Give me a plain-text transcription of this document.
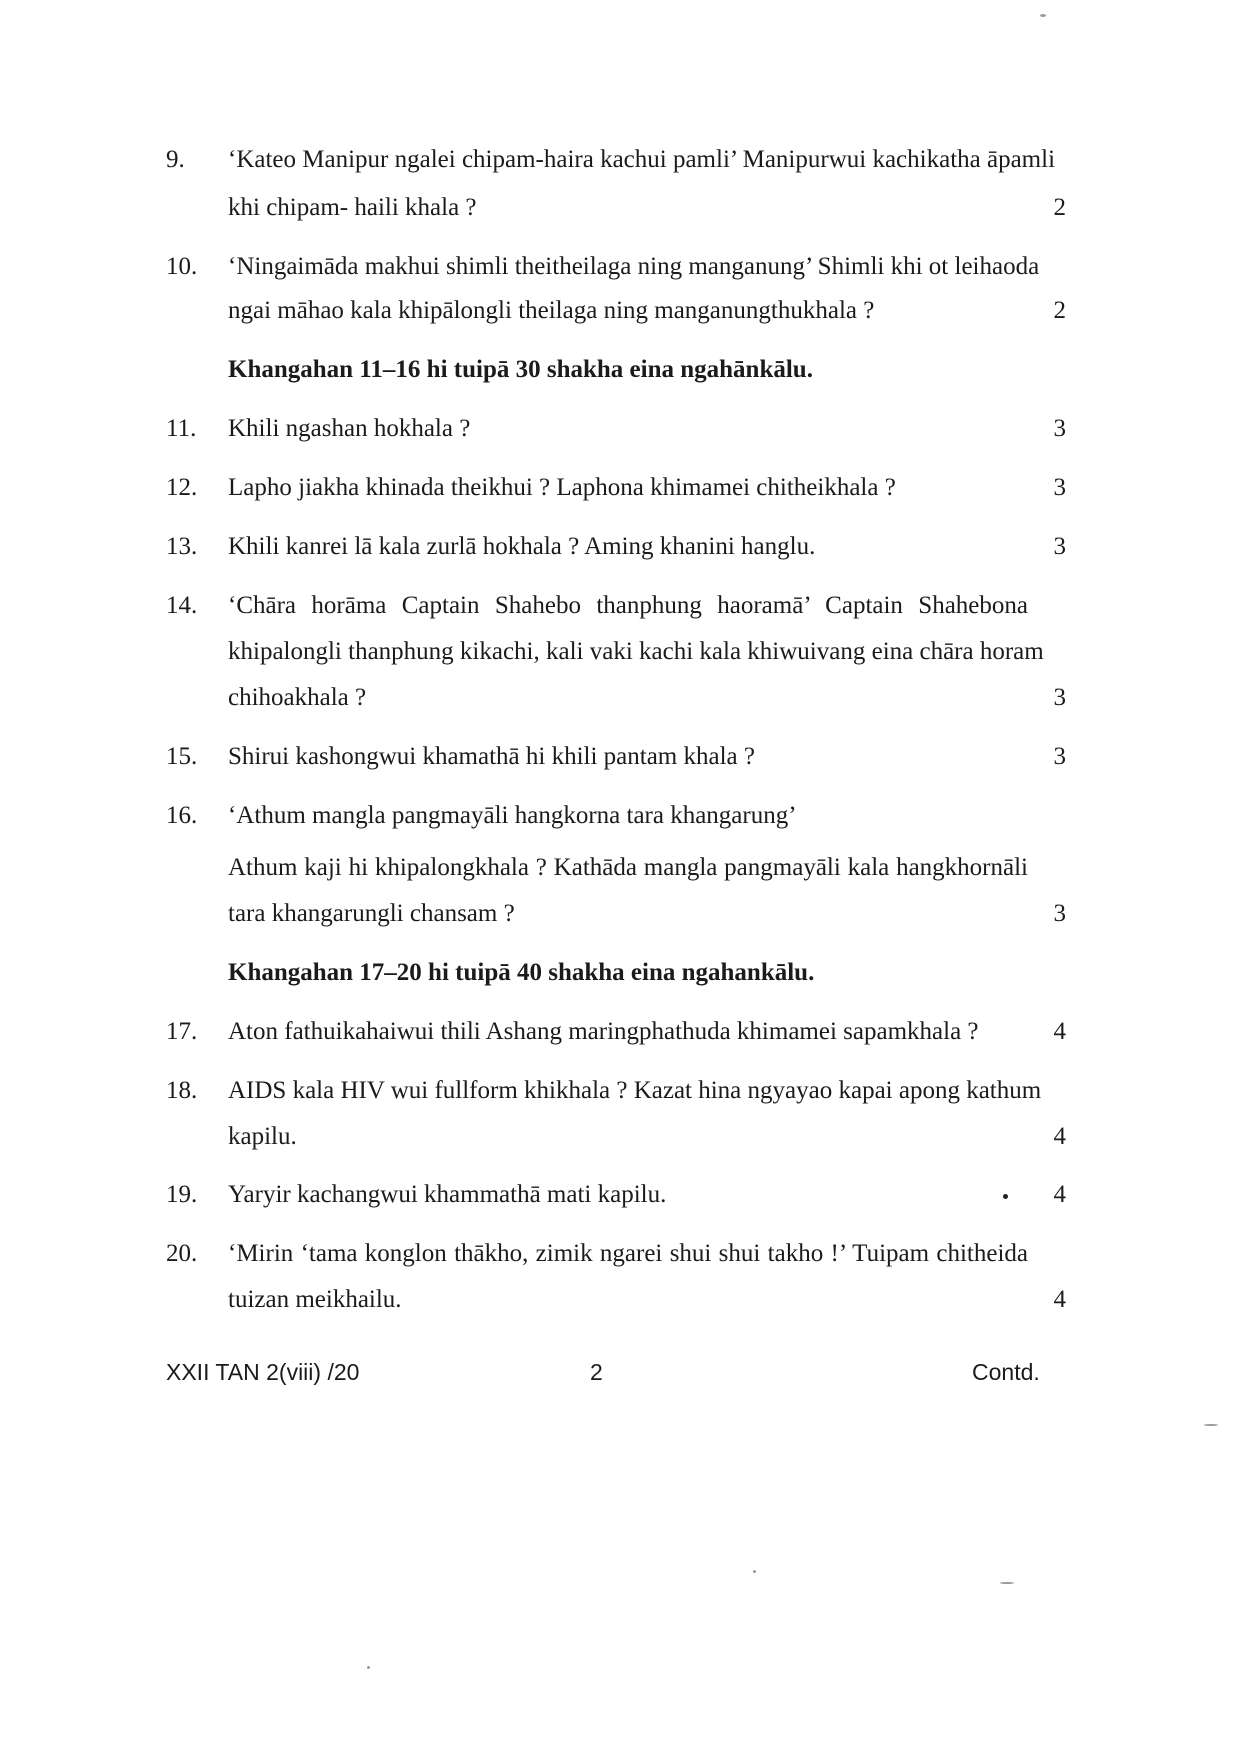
9.	‘Kateo Manipur ngalei chipam-haira kachui pamli’ Manipurwui kachikatha āpamli
khi chipam- haili khala ?	2
10.	‘Ningaimāda makhui shimli theitheilaga ning manganung’ Shimli khi ot leihaoda
ngai māhao kala khipālongli theilaga ning manganungthukhala ?	2
Khangahan 11–16 hi tuipā 30 shakha eina ngahānkālu.
11.	Khili ngashan hokhala ?	3
12.	Lapho jiakha khinada theikhui ? Laphona khimamei chitheikhala ?	3
13.	Khili kanrei lā kala zurlā hokhala ? Aming khanini hanglu.	3
14.	‘Chāra horāma Captain Shahebo thanphung haoramā’ Captain Shahebona
khipalongli thanphung kikachi, kali vaki kachi kala khiwuivang eina chāra horam
chihoakhala ?	3
15.	Shirui kashongwui khamathā hi khili pantam khala ?	3
16.	‘Athum mangla pangmayāli hangkorna tara khangarung’
Athum kaji hi khipalongkhala ? Kathāda mangla pangmayāli kala hangkhornāli
tara khangarungli chansam ?	3
Khangahan 17–20 hi tuipā 40 shakha eina ngahankālu.
17.	Aton fathuikahaiwui thili Ashang maringphathuda khimamei sapamkhala ?	4
18.	AIDS kala HIV wui fullform khikhala ? Kazat hina ngyayao kapai apong kathum
kapilu.	4
19.	Yaryir kachangwui khammathā mati kapilu.	4
20.	‘Mirin ‘tama konglon thākho, zimik ngarei shui shui takho !’ Tuipam chitheida
tuizan meikhailu.	4
XXII TAN 2(viii) /20	2	Contd.
